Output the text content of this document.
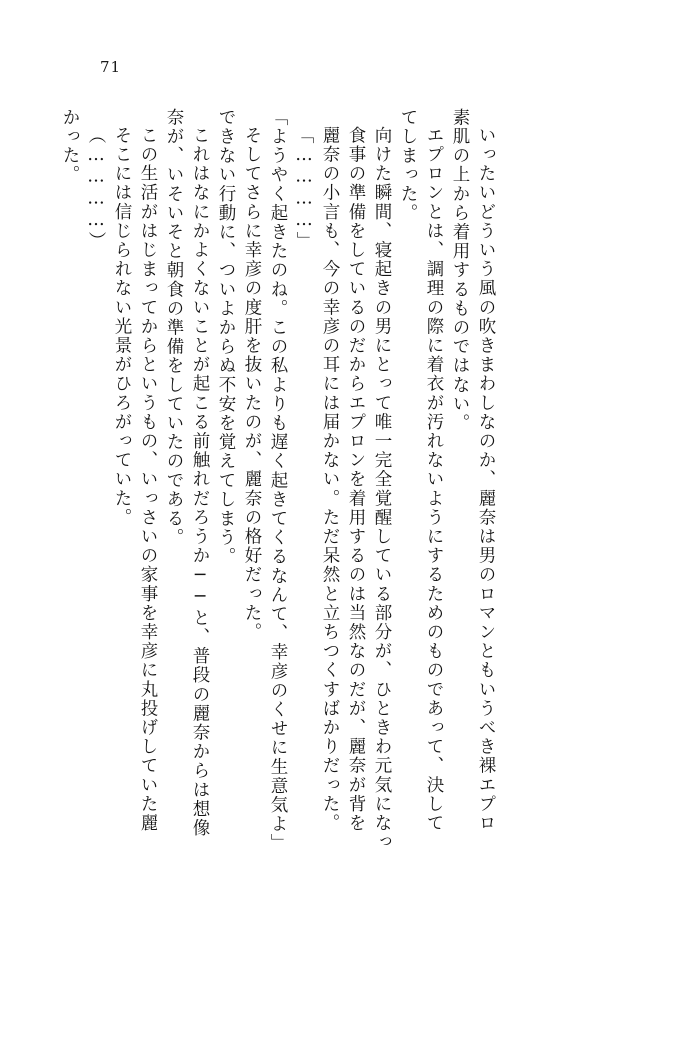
71
かった。 （…………） そこには信じられない光景がひろがっていた。 この生活がはじまってからというもの、いっさいの家事を幸彦に丸投げしていた麗 奈が、いそいそと朝食の準備をしていたのである。 これはなにかよくないことが起こる前触れだろうか──と、普段の麗奈からは想像 できない行動に、ついよからぬ不安を覚えてしまう。 そしてさらに幸彦の度肝を抜いたのが、麗奈の格好だった。 「ようやく起きたのね。この私よりも遅く起きてくるなんて、幸彦のくせに生意気よ」 「…………」 麗奈の小言も、今の幸彦の耳には届かない。ただ呆然と立ちつくすばかりだった。 食事の準備をしているのだからエプロンを着用するのは当然なのだが、麗奈が背を 向けた瞬間、寝起きの男にとって唯一完全覚醒している部分が、ひときわ元気になっ てしまった。 エプロンとは、調理の際に着衣が汚れないようにするためのものであって、決して 素肌の上から着用するものではない。 いったいどういう風の吹きまわしなのか、麗奈は男のロマンともいうべき裸エプロ
